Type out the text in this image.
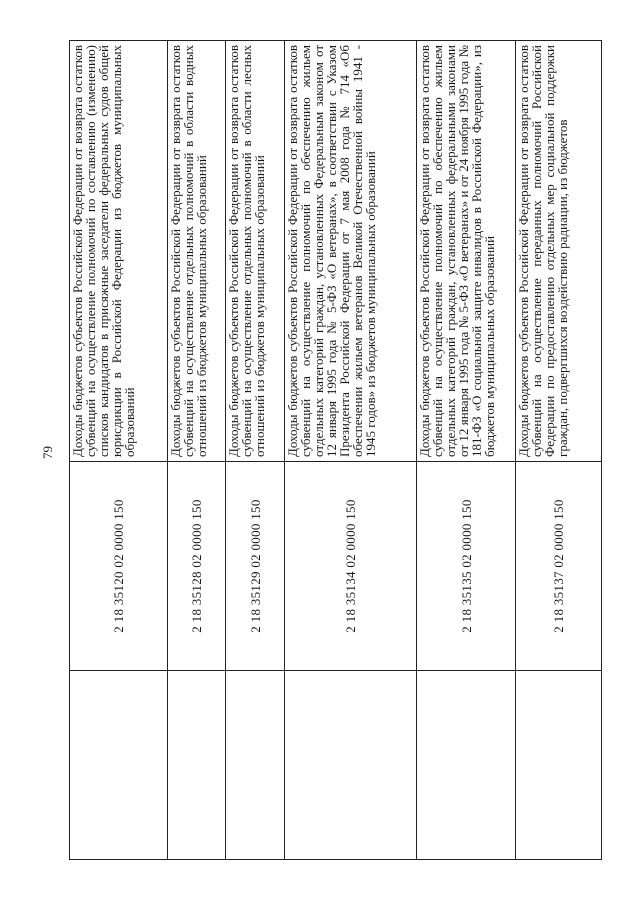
79
	2 18 35120 02 0000 150	Доходы бюджетов субъектов Российской Федерации от возврата остатков субвенций на осуществление полномочий по составлению (изменению) списков кандидатов в присяжные заседатели федеральных судов общей юрисдикции в Российской Федерации из бюджетов муниципальных образований
	2 18 35128 02 0000 150	Доходы бюджетов субъектов Российской Федерации от возврата остатков субвенций на осуществление отдельных полномочий в области водных отношений из бюджетов муниципальных образований
	2 18 35129 02 0000 150	Доходы бюджетов субъектов Российской Федерации от возврата остатков субвенций на осуществление отдельных полномочий в области лесных отношений из бюджетов муниципальных образований
	2 18 35134 02 0000 150	Доходы бюджетов субъектов Российской Федерации от возврата остатков субвенций на осуществление полномочий по обеспечению жильем отдельных категорий граждан, установленных Федеральным законом от 12 января 1995 года № 5-ФЗ «О ветеранах», в соответствии с Указом Президента Российской Федерации от 7 мая 2008 года № 714 «Об обеспечении жильем ветеранов Великой Отечественной войны 1941 - 1945 годов» из бюджетов муниципальных образований
	2 18 35135 02 0000 150	Доходы бюджетов субъектов Российской Федерации от возврата остатков субвенций на осуществление полномочий по обеспечению жильем отдельных категорий граждан, установленных федеральными законами от 12 января 1995 года № 5-ФЗ «О ветеранах» и от 24 ноября 1995 года № 181-ФЗ «О социальной защите инвалидов в Российской Федерации», из бюджетов муниципальных образований
	2 18 35137 02 0000 150	Доходы бюджетов субъектов Российской Федерации от возврата остатков субвенций на осуществление переданных полномочий Российской Федерации по предоставлению отдельных мер социальной поддержки граждан, подвергшихся воздействию радиации, из бюджетов
